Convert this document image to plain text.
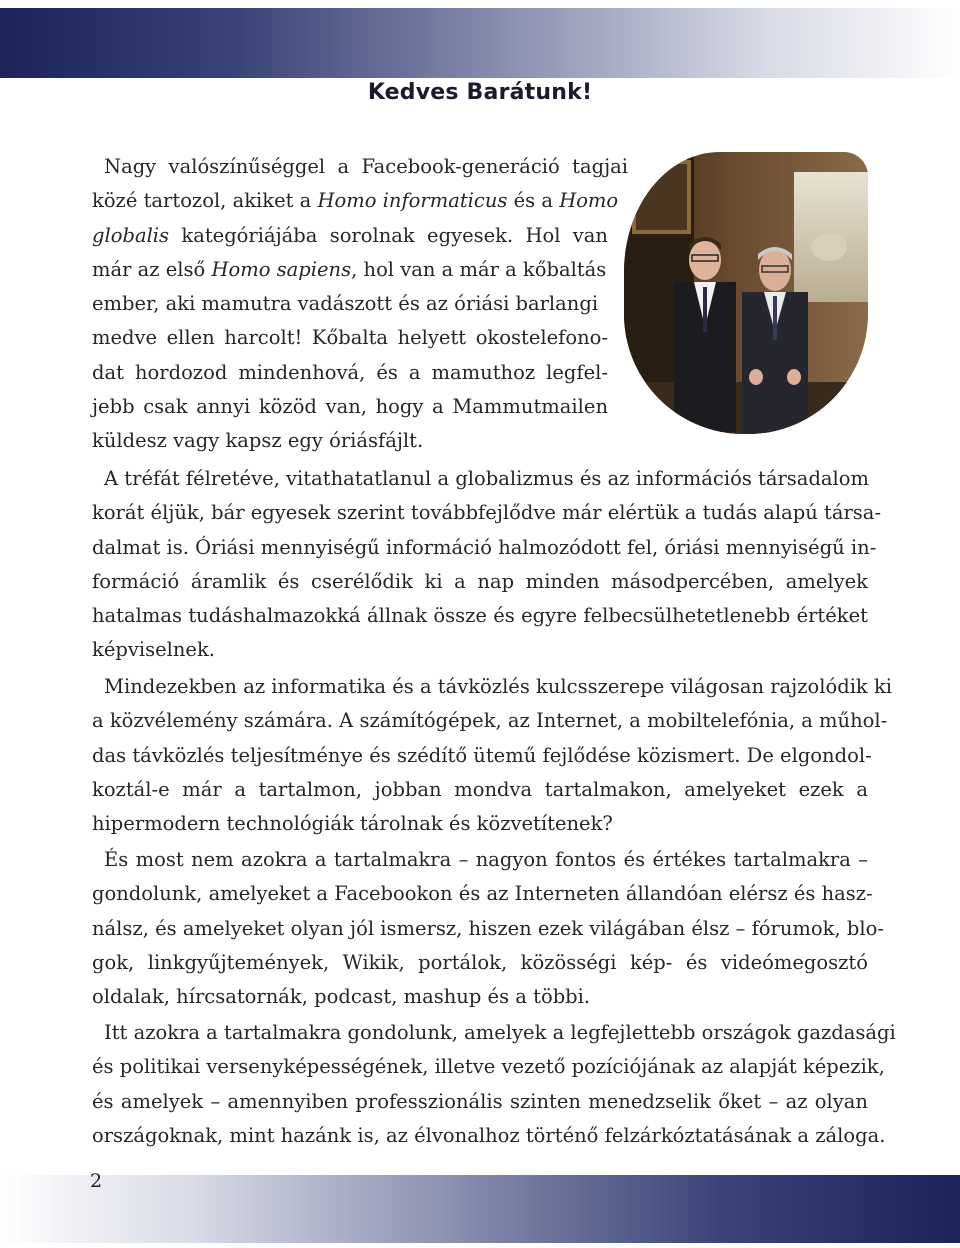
Kedves Barátunk!
Nagy valószínűséggel a Facebook-generáció tagjai
közé tartozol, akiket a Homo informaticus és a Homo
globalis kategóriájába sorolnak egyesek. Hol van
már az első Homo sapiens, hol van a már a kőbaltás
ember, aki mamutra vadászott és az óriási barlangi
medve ellen harcolt! Kőbalta helyett okostelefono-
dat hordozod mindenhová, és a mamuthoz legfel-
jebb csak annyi közöd van, hogy a Mammutmailen
küldesz vagy kapsz egy óriásfájlt.
A tréfát félretéve, vitathatatlanul a globalizmus és az információs társadalom
korát éljük, bár egyesek szerint továbbfejlődve már elértük a tudás alapú társa-
dalmat is. Óriási mennyiségű információ halmozódott fel, óriási mennyiségű in-
formáció áramlik és cserélődik ki a nap minden másodpercében, amelyek
hatalmas tudáshalmazokká állnak össze és egyre felbecsülhetetlenebb értéket
képviselnek.
Mindezekben az informatika és a távközlés kulcsszerepe világosan rajzolódik ki
a közvélemény számára. A számítógépek, az Internet, a mobiltelefónia, a műhol-
das távközlés teljesítménye és szédítő ütemű fejlődése közismert. De elgondol-
koztál-e már a tartalmon, jobban mondva tartalmakon, amelyeket ezek a
hipermodern technológiák tárolnak és közvetítenek?
És most nem azokra a tartalmakra – nagyon fontos és értékes tartalmakra –
gondolunk, amelyeket a Facebookon és az Interneten állandóan elérsz és hasz-
nálsz, és amelyeket olyan jól ismersz, hiszen ezek világában élsz – fórumok, blo-
gok, linkgyűjtemények, Wikik, portálok, közösségi kép- és videómegosztó
oldalak, hírcsatornák, podcast, mashup és a többi.
Itt azokra a tartalmakra gondolunk, amelyek a legfejlettebb országok gazdasági
és politikai versenyképességének, illetve vezető pozíciójának az alapját képezik,
és amelyek – amennyiben professzionális szinten menedzselik őket – az olyan
országoknak, mint hazánk is, az élvonalhoz történő felzárkóztatásának a záloga.
2
